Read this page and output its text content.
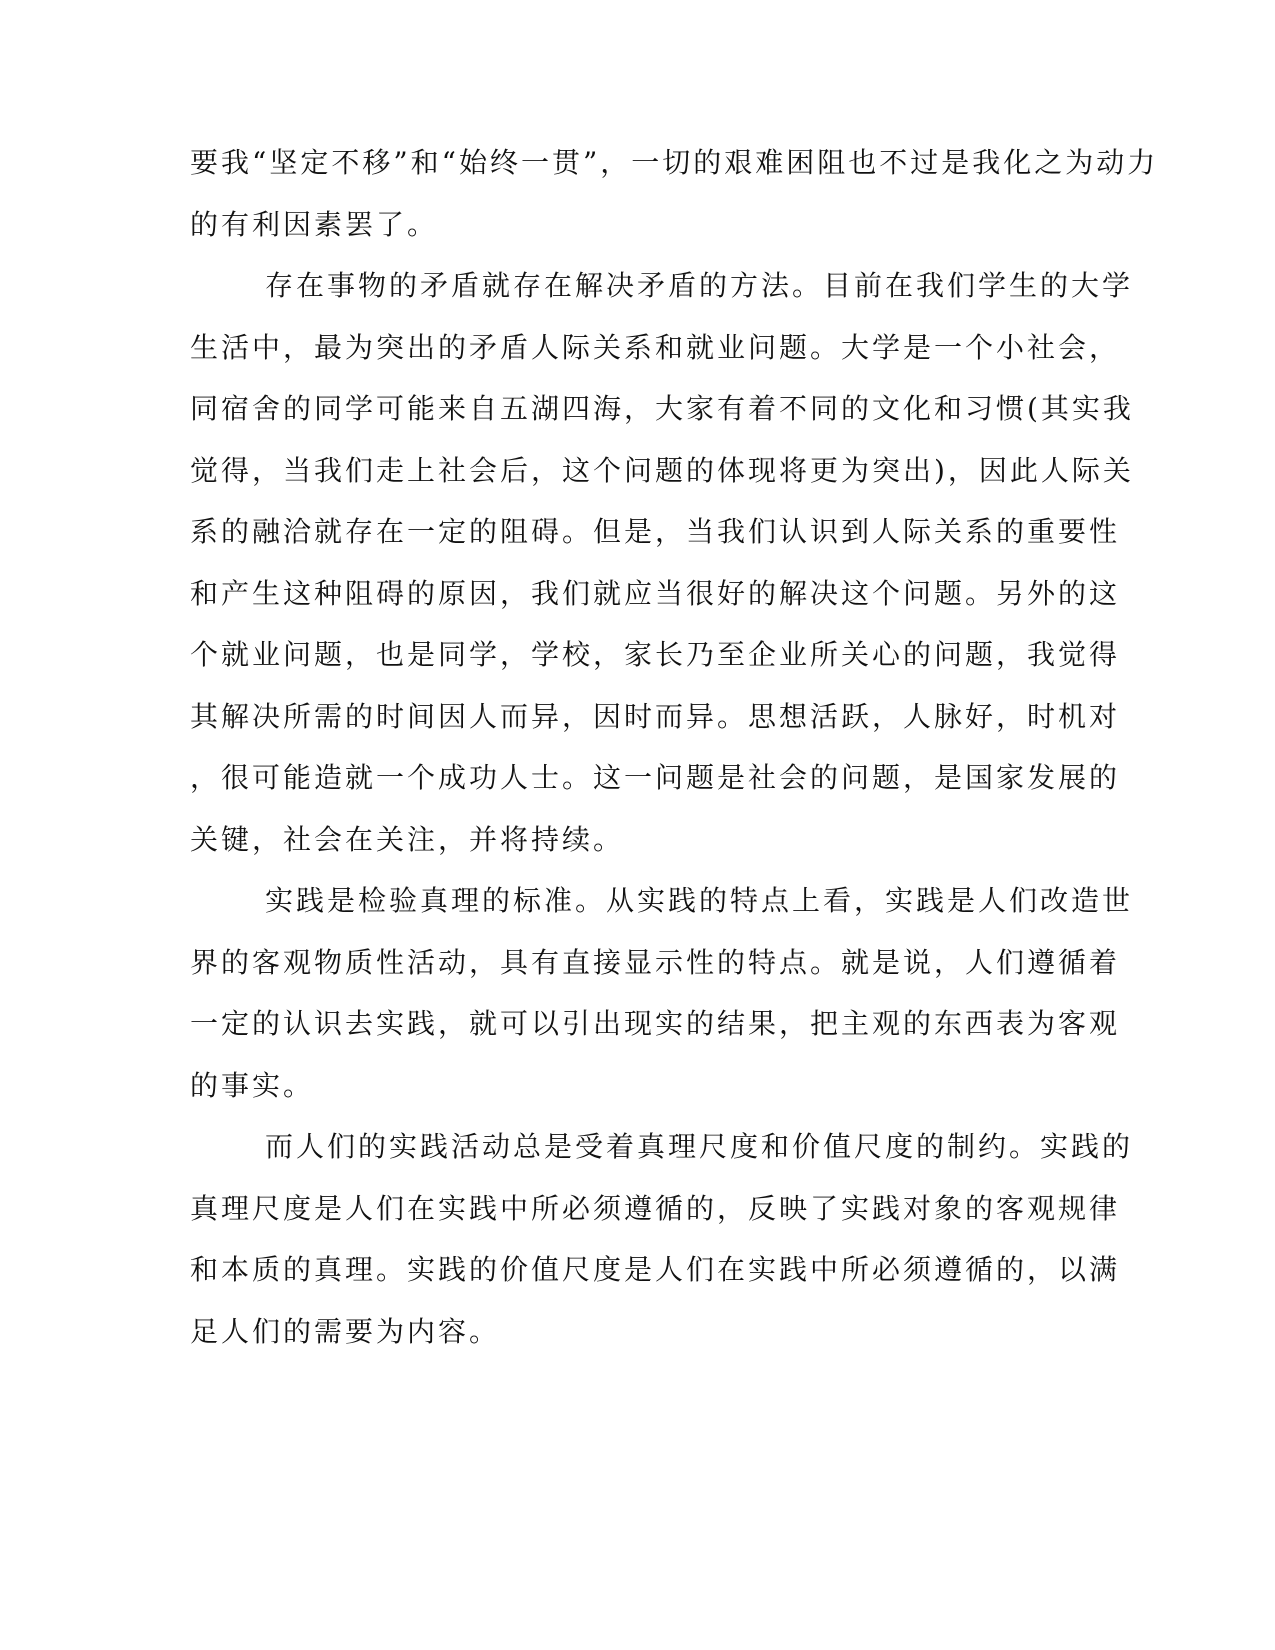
要我“坚定不移”和“始终一贯”，一切的艰难困阻也不过是我化之为动力
的有利因素罢了。
存在事物的矛盾就存在解决矛盾的方法。目前在我们学生的大学
生活中，最为突出的矛盾人际关系和就业问题。大学是一个小社会，
同宿舍的同学可能来自五湖四海，大家有着不同的文化和习惯(其实我
觉得，当我们走上社会后，这个问题的体现将更为突出)，因此人际关
系的融洽就存在一定的阻碍。但是，当我们认识到人际关系的重要性
和产生这种阻碍的原因，我们就应当很好的解决这个问题。另外的这
个就业问题，也是同学，学校，家长乃至企业所关心的问题，我觉得
其解决所需的时间因人而异，因时而异。思想活跃，人脉好，时机对
，很可能造就一个成功人士。这一问题是社会的问题，是国家发展的
关键，社会在关注，并将持续。
实践是检验真理的标准。从实践的特点上看，实践是人们改造世
界的客观物质性活动，具有直接显示性的特点。就是说，人们遵循着
一定的认识去实践，就可以引出现实的结果，把主观的东西表为客观
的事实。
而人们的实践活动总是受着真理尺度和价值尺度的制约。实践的
真理尺度是人们在实践中所必须遵循的，反映了实践对象的客观规律
和本质的真理。实践的价值尺度是人们在实践中所必须遵循的，以满
足人们的需要为内容。
